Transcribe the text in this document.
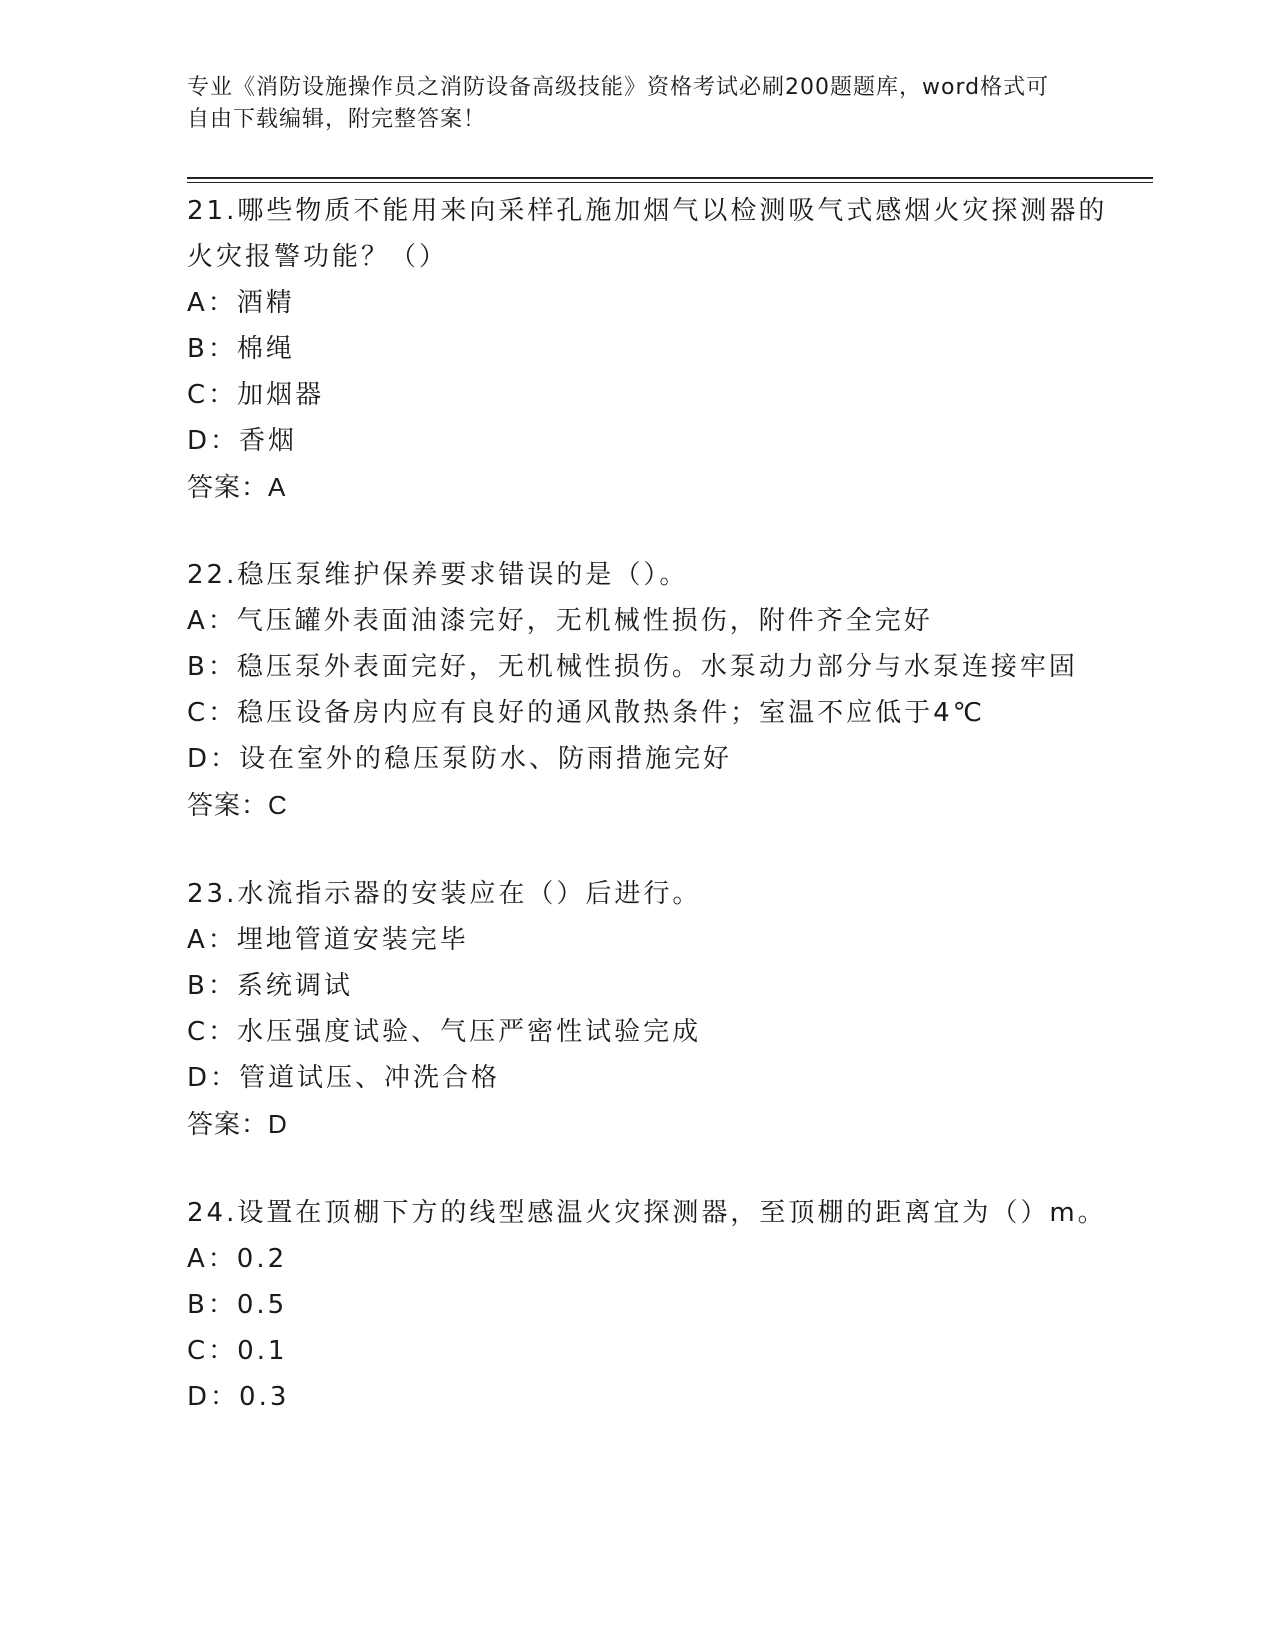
专业《消防设施操作员之消防设备高级技能》资格考试必刷200题题库，word格式可自由下载编辑，附完整答案！
21.哪些物质不能用来向采样孔施加烟气以检测吸气式感烟火灾探测器的火灾报警功能？（）
A：酒精
B：棉绳
C：加烟器
D：香烟
答案：A
22.稳压泵维护保养要求错误的是（）。
A：气压罐外表面油漆完好，无机械性损伤，附件齐全完好
B：稳压泵外表面完好，无机械性损伤。水泵动力部分与水泵连接牢固
C：稳压设备房内应有良好的通风散热条件；室温不应低于4℃
D：设在室外的稳压泵防水、防雨措施完好
答案：C
23.水流指示器的安装应在（）后进行。
A：埋地管道安装完毕
B：系统调试
C：水压强度试验、气压严密性试验完成
D：管道试压、冲洗合格
答案：D
24.设置在顶棚下方的线型感温火灾探测器，至顶棚的距离宜为（）m。
A：0.2
B：0.5
C：0.1
D：0.3
